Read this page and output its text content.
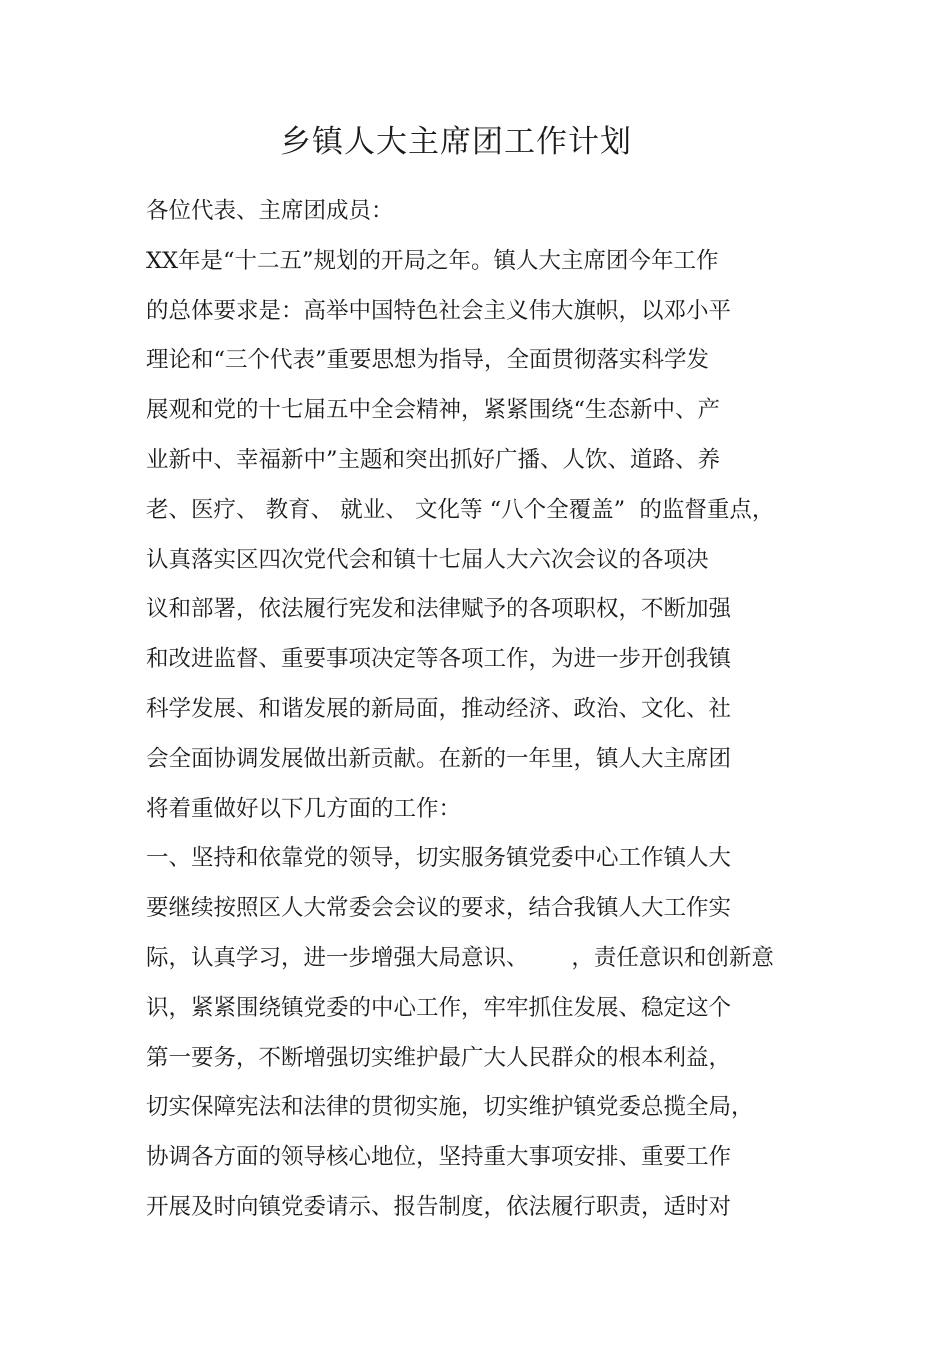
乡镇人大主席团工作计划
各位代表、主席团成员：
XX年是“十二五”规划的开局之年。镇人大主席团今年工作
的总体要求是：高举中国特色社会主义伟大旗帜，以邓小平
理论和“三个代表”重要思想为指导，全面贯彻落实科学发
展观和党的十七届五中全会精神，紧紧围绕“生态新中、产
业新中、幸福新中”主题和突出抓好广播、人饮、道路、养
老、医疗、 教育、 就业、 文化等 “八个全覆盖”  的监督重点，
认真落实区四次党代会和镇十七届人大六次会议的各项决
议和部署，依法履行宪发和法律赋予的各项职权，不断加强
和改进监督、重要事项决定等各项工作，为进一步开创我镇
科学发展、和谐发展的新局面，推动经济、政治、文化、社
会全面协调发展做出新贡献。在新的一年里，镇人大主席团
将着重做好以下几方面的工作：
一、坚持和依靠党的领导，切实服务镇党委中心工作镇人大
要继续按照区人大常委会会议的要求，结合我镇人大工作实
际，认真学习，进一步增强大局意识、      ，责任意识和创新意
识，紧紧围绕镇党委的中心工作，牢牢抓住发展、稳定这个
第一要务，不断增强切实维护最广大人民群众的根本利益，
切实保障宪法和法律的贯彻实施，切实维护镇党委总揽全局，
协调各方面的领导核心地位，坚持重大事项安排、重要工作
开展及时向镇党委请示、报告制度，依法履行职责，适时对
